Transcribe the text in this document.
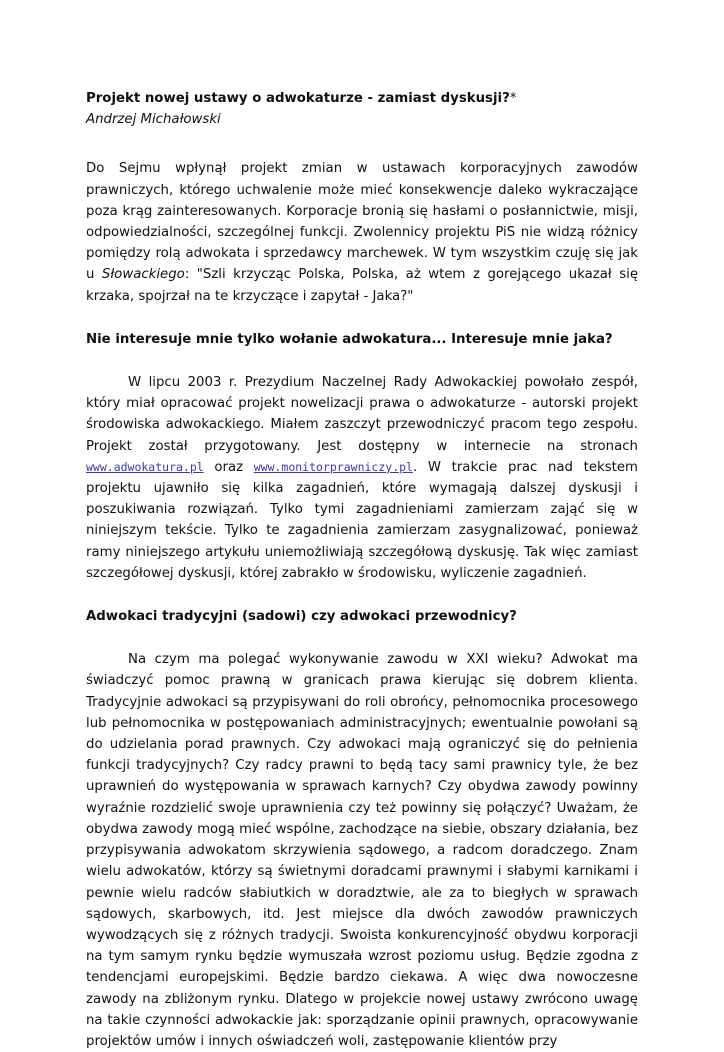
Projekt nowej ustawy o adwokaturze - zamiast dyskusji?*

Andrzej Michałowski

Do Sejmu wpłynął projekt zmian w ustawach korporacyjnych zawodów prawniczych, którego uchwalenie może mieć konsekwencje daleko wykraczające poza krąg zainteresowanych. Korporacje bronią się hasłami o posłannictwie, misji, odpowiedzialności, szczególnej funkcji. Zwolennicy projektu PiS nie widzą różnicy pomiędzy rolą adwokata i sprzedawcy marchewek. W tym wszystkim czuję się jak u Słowackiego: "Szli krzycząc Polska, Polska, aż wtem z gorejącego ukazał się krzaka, spojrzał na te krzyczące i zapytał - Jaka?"

Nie interesuje mnie tylko wołanie adwokatura... Interesuje mnie jaka?

W lipcu 2003 r. Prezydium Naczelnej Rady Adwokackiej powołało zespół, który miał opracować projekt nowelizacji prawa o adwokaturze - autorski projekt środowiska adwokackiego. Miałem zaszczyt przewodniczyć pracom tego zespołu. Projekt został przygotowany. Jest dostępny w internecie na stronach www.adwokatura.pl oraz www.monitorprawniczy.pl. W trakcie prac nad tekstem projektu ujawniło się kilka zagadnień, które wymagają dalszej dyskusji i poszukiwania rozwiązań. Tylko tymi zagadnieniami zamierzam zająć się w niniejszym tekście. Tylko te zagadnienia zamierzam zasygnalizować, ponieważ ramy niniejszego artykułu uniemożliwiają szczegółową dyskusję. Tak więc zamiast szczegółowej dyskusji, której zabrakło w środowisku, wyliczenie zagadnień.

Adwokaci tradycyjni (sadowi) czy adwokaci przewodnicy?

Na czym ma polegać wykonywanie zawodu w XXI wieku? Adwokat ma świadczyć pomoc prawną w granicach prawa kierując się dobrem klienta. Tradycyjnie adwokaci są przypisywani do roli obrońcy, pełnomocnika procesowego lub pełnomocnika w postępowaniach administracyjnych; ewentualnie powołani są do udzielania porad prawnych. Czy adwokaci mają ograniczyć się do pełnienia funkcji tradycyjnych? Czy radcy prawni to będą tacy sami prawnicy tyle, że bez uprawnień do występowania w sprawach karnych? Czy obydwa zawody powinny wyraźnie rozdzielić swoje uprawnienia czy też powinny się połączyć? Uważam, że obydwa zawody mogą mieć wspólne, zachodzące na siebie, obszary działania, bez przypisywania adwokatom skrzywienia sądowego, a radcom doradczego. Znam wielu adwokatów, którzy są świetnymi doradcami prawnymi i słabymi karnikami i pewnie wielu radców słabiutkich w doradztwie, ale za to biegłych w sprawach sądowych, skarbowych, itd. Jest miejsce dla dwóch zawodów prawniczych wywodzących się z różnych tradycji. Swoista konkurencyjność obydwu korporacji na tym samym rynku będzie wymuszała wzrost poziomu usług. Będzie zgodna z tendencjami europejskimi. Będzie bardzo ciekawa. A więc dwa nowoczesne zawody na zbliżonym rynku. Dlatego w projekcie nowej ustawy zwrócono uwagę na takie czynności adwokackie jak: sporządzanie opinii prawnych, opracowywanie projektów umów i innych oświadczeń woli, zastępowanie klientów przy
